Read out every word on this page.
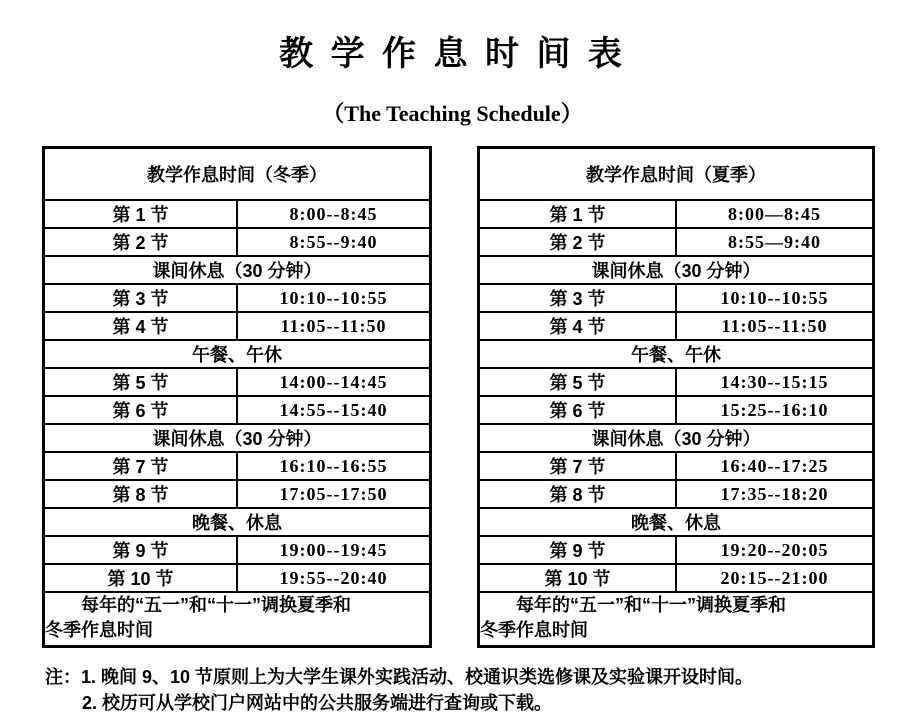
教 学 作 息 时 间 表
（The Teaching Schedule）
教学作息时间（冬季）	
第 1 节	8:00--8:45
第 2 节	8:55--9:40
课间休息（30 分钟）	
第 3 节	10:10--10:55
第 4 节	11:05--11:50
午餐、午休	
第 5 节	14:00--14:45
第 6 节	14:55--15:40
课间休息（30 分钟）	
第 7 节	16:10--16:55
第 8 节	17:05--17:50
晚餐、休息	
第 9 节	19:00--19:45
第 10 节	19:55--20:40

每年的“五一”和“十一”调换夏季和
冬季作息时间	
教学作息时间（夏季）	
第 1 节	8:00—8:45
第 2 节	8:55—9:40
课间休息（30 分钟）	
第 3 节	10:10--10:55
第 4 节	11:05--11:50
午餐、午休	
第 5 节	14:30--15:15
第 6 节	15:25--16:10
课间休息（30 分钟）	
第 7 节	16:40--17:25
第 8 节	17:35--18:20
晚餐、休息	
第 9 节	19:20--20:05
第 10 节	20:15--21:00

每年的“五一”和“十一”调换夏季和
冬季作息时间	
注：1. 晚间 9、10 节原则上为大学生课外实践活动、校通识类选修课及实验课开设时间。
2. 校历可从学校门户网站中的公共服务端进行查询或下载。
